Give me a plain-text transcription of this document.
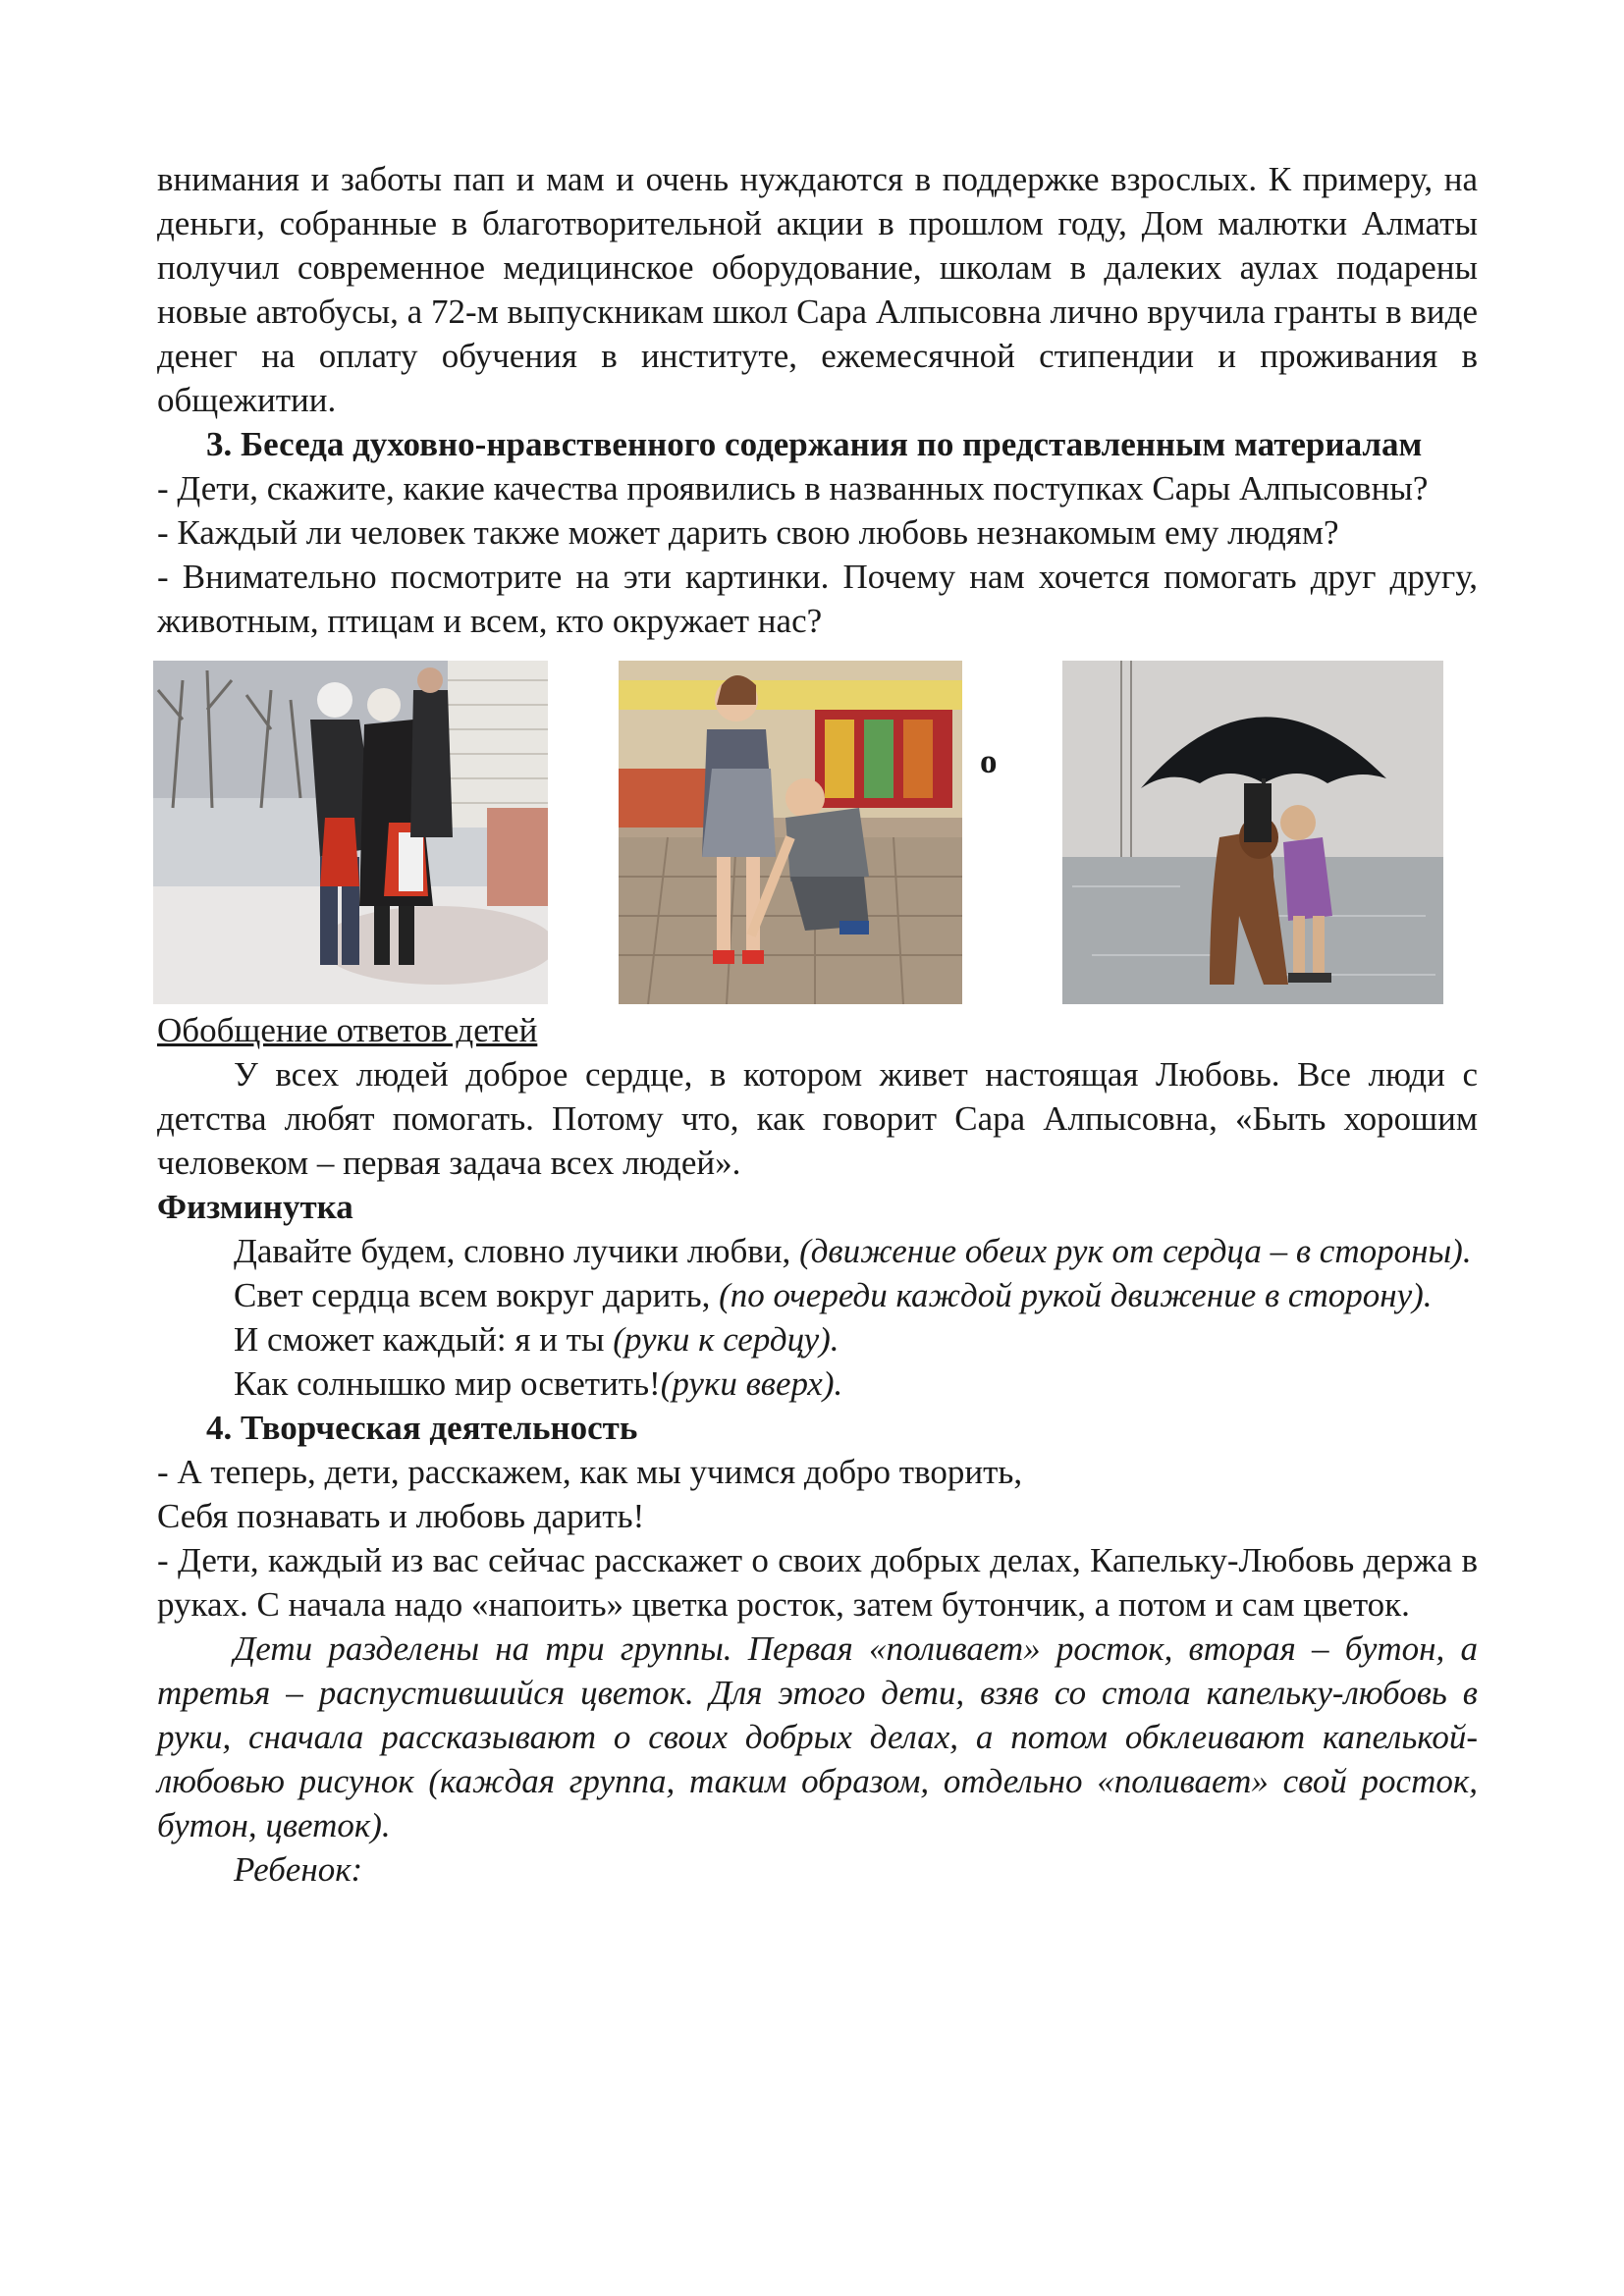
внимания и заботы пап и мам и очень нуждаются в поддержке взрослых. К примеру, на деньги, собранные в благотворительной акции в прошлом году, Дом малютки Алматы получил современное медицинское оборудование, школам в далеких аулах подарены новые автобусы, а 72-м выпускникам школ Сара Алпысовна лично вручила гранты в виде денег на оплату обучения в институте, ежемесячной стипендии и проживания в общежитии.

3. Беседа духовно-нравственного содержания по представленным материалам

- Дети, скажите, какие качества проявились в названных поступках Сары Алпысовны?

- Каждый ли человек также может дарить свою любовь незнакомым ему людям?

- Внимательно посмотрите на эти картинки. Почему нам хочется помогать друг другу, животным, птицам и всем, кто окружает нас?

о

Обобщение ответов детей

У всех людей доброе сердце, в котором живет настоящая Любовь. Все люди с детства любят помогать. Потому что, как говорит Сара Алпысовна, «Быть хорошим человеком – первая задача всех людей».

Физминутка

Давайте будем, словно лучики любви, (движение обеих рук от сердца – в стороны).

Свет сердца всем вокруг дарить, (по очереди каждой рукой движение в сторону).

И сможет каждый: я и ты (руки к сердцу).

Как солнышко мир осветить!(руки вверх).

4. Творческая деятельность

- А теперь, дети, расскажем, как мы учимся добро творить,

Себя познавать и любовь дарить!

- Дети, каждый из вас сейчас расскажет о своих добрых делах, Капельку-Любовь держа в руках. С начала надо «напоить» цветка росток, затем бутончик, а потом и сам цветок.

Дети разделены на три группы. Первая «поливает» росток, вторая – бутон, а третья – распустившийся цветок. Для этого дети, взяв со стола капельку-любовь в руки, сначала рассказывают о своих добрых делах, а потом обклеивают капелькой-любовью рисунок (каждая группа, таким образом, отдельно «поливает» свой росток, бутон, цветок).

Ребенок:
